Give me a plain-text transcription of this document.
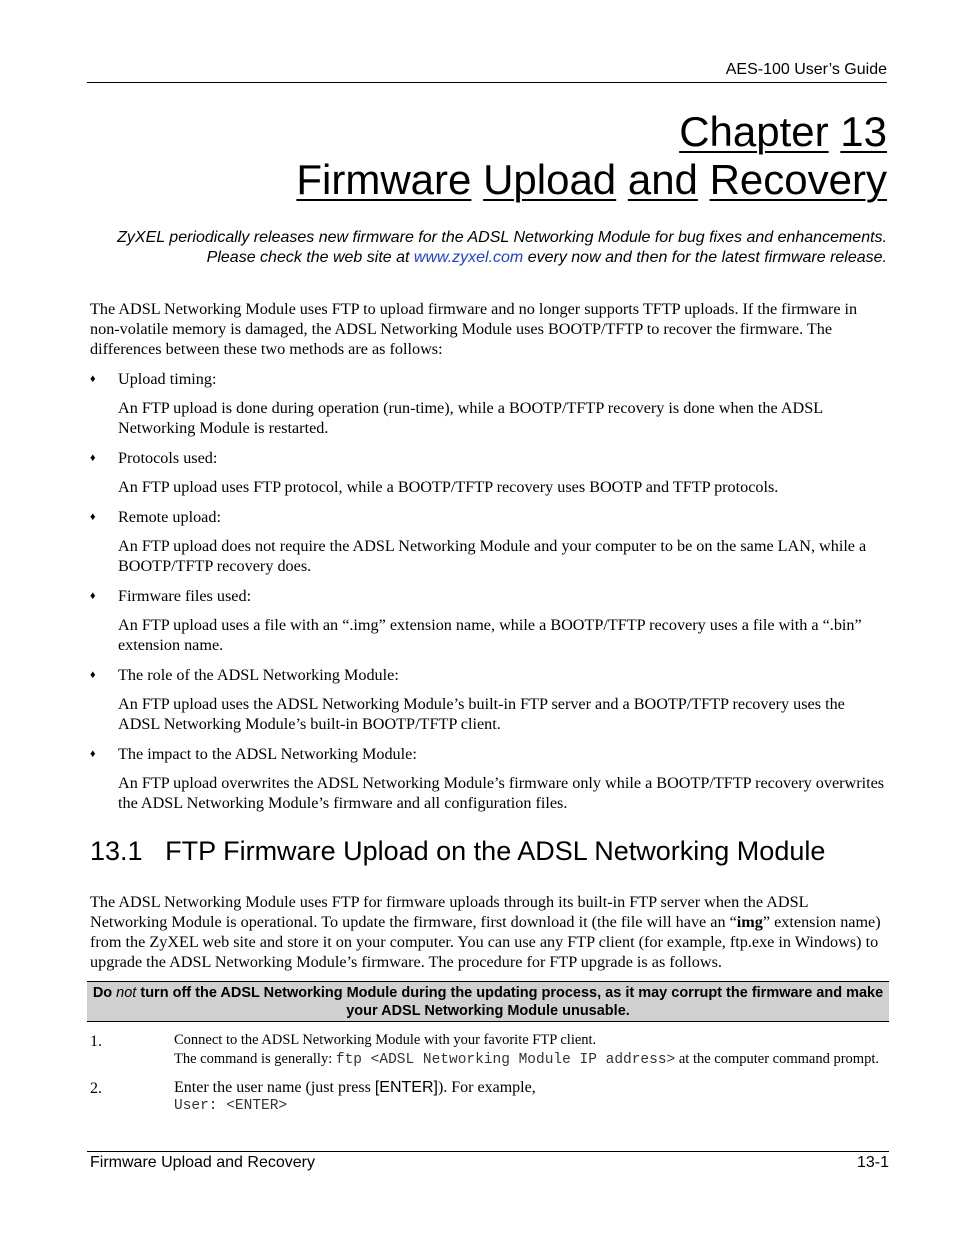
AES-100 User’s Guide
Chapter 13
Firmware Upload and Recovery
ZyXEL periodically releases new firmware for the ADSL Networking Module for bug fixes and enhancements. Please check the web site at www.zyxel.com every now and then for the latest firmware release.
The ADSL Networking Module uses FTP to upload firmware and no longer supports TFTP uploads. If the firmware in non-volatile memory is damaged, the ADSL Networking Module uses BOOTP/TFTP to recover the firmware. The differences between these two methods are as follows:
♦ Upload timing:
An FTP upload is done during operation (run-time), while a BOOTP/TFTP recovery is done when the ADSL Networking Module is restarted.
♦ Protocols used:
An FTP upload uses FTP protocol, while a BOOTP/TFTP recovery uses BOOTP and TFTP protocols.
♦ Remote upload:
An FTP upload does not require the ADSL Networking Module and your computer to be on the same LAN, while a BOOTP/TFTP recovery does.
♦ Firmware files used:
An FTP upload uses a file with an “.img” extension name, while a BOOTP/TFTP recovery uses a file with a “.bin” extension name.
♦ The role of the ADSL Networking Module:
An FTP upload uses the ADSL Networking Module’s built-in FTP server and a BOOTP/TFTP recovery uses the ADSL Networking Module’s built-in BOOTP/TFTP client.
♦ The impact to the ADSL Networking Module:
An FTP upload overwrites the ADSL Networking Module’s firmware only while a BOOTP/TFTP recovery overwrites the ADSL Networking Module’s firmware and all configuration files.
13.1 FTP Firmware Upload on the ADSL Networking Module
The ADSL Networking Module uses FTP for firmware uploads through its built-in FTP server when the ADSL Networking Module is operational. To update the firmware, first download it (the file will have an “img” extension name) from the ZyXEL web site and store it on your computer. You can use any FTP client (for example, ftp.exe in Windows) to upgrade the ADSL Networking Module’s firmware. The procedure for FTP upgrade is as follows.
Do not turn off the ADSL Networking Module during the updating process, as it may corrupt the firmware and make your ADSL Networking Module unusable.
1.	Connect to the ADSL Networking Module with your favorite FTP client.
The command is generally: ftp <ADSL Networking Module IP address> at the computer command prompt.
2.	Enter the user name (just press [ENTER]). For example,
User: <ENTER>
Firmware Upload and Recovery	13-1
